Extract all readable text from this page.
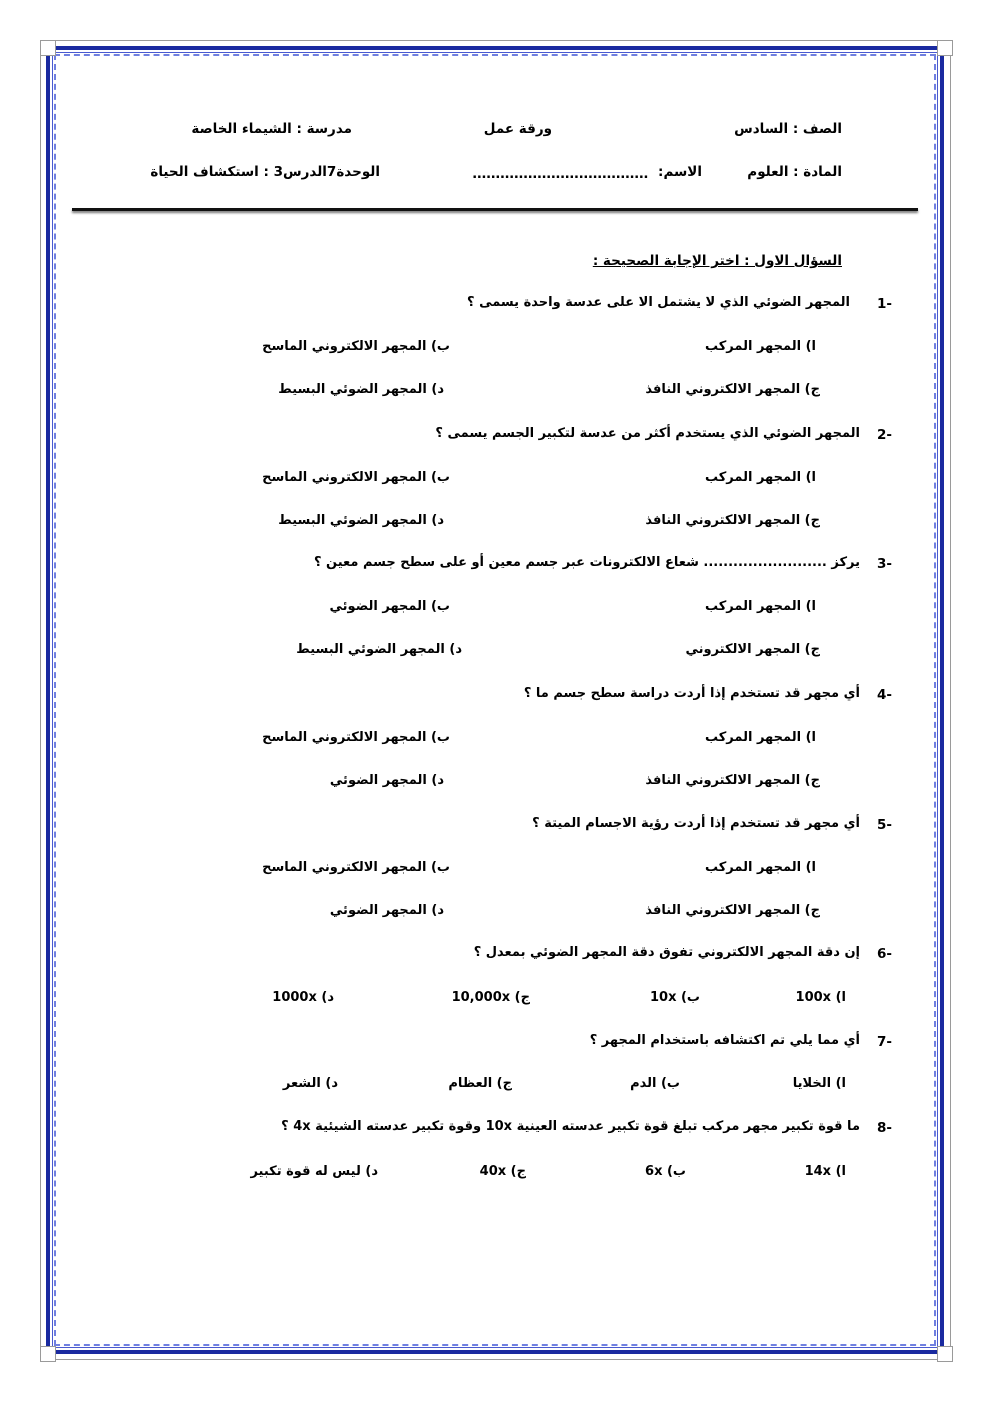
الصف : السادس
ورقة عمل
مدرسة : الشيماء الخاصة
المادة : العلوم
الاسم:
......................................
الوحدة7الدرس3 : استكشاف الحياة
السؤال الاول : اختر الإجابة الصحيحة :
-1
المجهر الضوئي الذي لا يشتمل الا على عدسة واحدة يسمى ؟
ا) المجهر المركب
ب) المجهر الالكتروني الماسح
ج) المجهر الالكتروني النافذ
د) المجهر الضوئي البسيط
-2
المجهر الضوئي الذي يستخدم أكثر من عدسة لتكبير الجسم يسمى ؟
ا) المجهر المركب
ب) المجهر الالكتروني الماسح
ج) المجهر الالكتروني النافذ
د) المجهر الضوئي البسيط
-3
يركز ......................... شعاع الالكترونات عبر جسم معين أو على سطح جسم معين ؟
ا) المجهر المركب
ب) المجهر الضوئي
ج) المجهر الالكتروني
د) المجهر الضوئي البسيط
-4
أي مجهر قد تستخدم إذا أردت دراسة سطح جسم ما ؟
ا) المجهر المركب
ب) المجهر الالكتروني الماسح
ج) المجهر الالكتروني النافذ
د) المجهر الضوئي
-5
أي مجهر قد تستخدم إذا أردت رؤية الاجسام الميتة ؟
ا) المجهر المركب
ب) المجهر الالكتروني الماسح
ج) المجهر الالكتروني النافذ
د) المجهر الضوئي
-6
إن دقة المجهر الالكتروني تفوق دقة المجهر الضوئي بمعدل ؟
ا) 100x
ب) 10x
ج) 10,000x
د) 1000x
-7
أي مما يلي تم اكتشافه باستخدام المجهر ؟
ا) الخلايا
ب) الدم
ج) العظام
د) الشعر
-8
ما قوة تكبير مجهر مركب تبلغ قوة تكبير عدسته العينية 10x وقوة تكبير عدسته الشيئية 4x ؟
ا) 14x
ب) 6x
ج) 40x
د) ليس له قوة تكبير
